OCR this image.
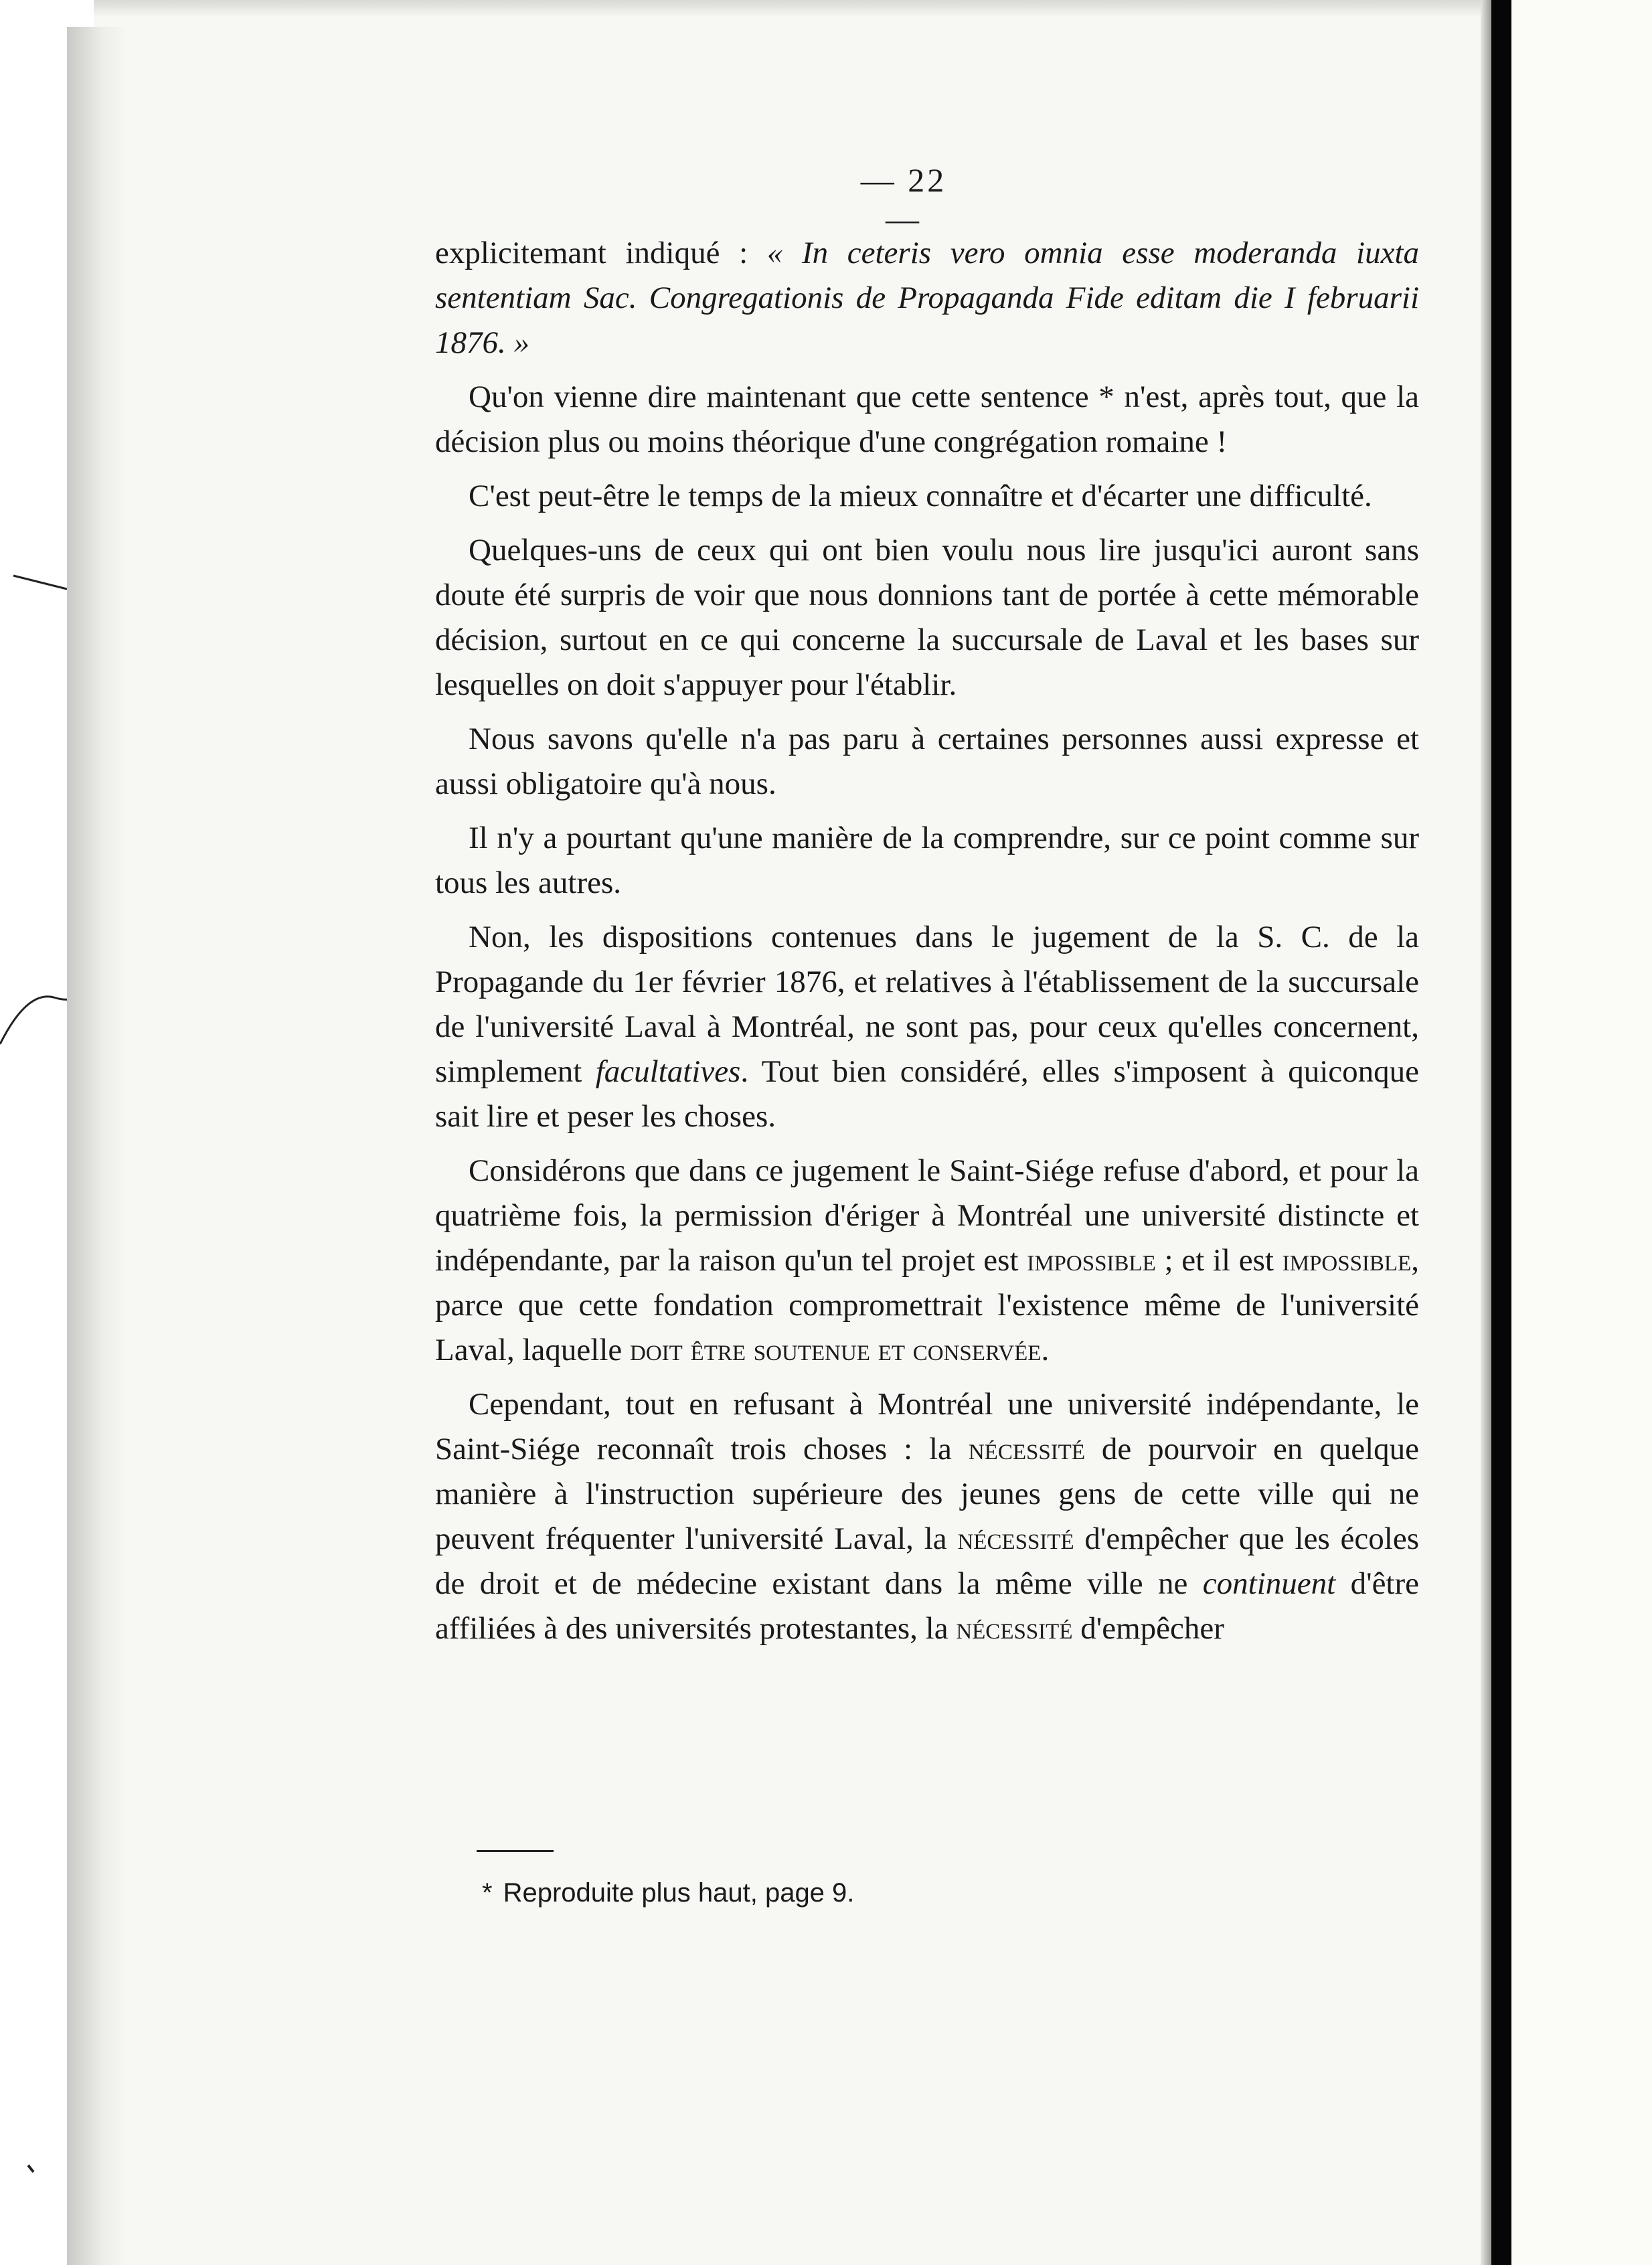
— 22 —

explicitemant indiqué : « In ceteris vero omnia esse moderanda iuxta sententiam Sac. Congregationis de Propaganda Fide editam die I februarii 1876. »

Qu'on vienne dire maintenant que cette sentence * n'est, après tout, que la décision plus ou moins théorique d'une congrégation romaine !

C'est peut-être le temps de la mieux connaître et d'écarter une difficulté.

Quelques-uns de ceux qui ont bien voulu nous lire jusqu'ici auront sans doute été surpris de voir que nous donnions tant de portée à cette mémorable décision, surtout en ce qui concerne la succursale de Laval et les bases sur lesquelles on doit s'appuyer pour l'établir.

Nous savons qu'elle n'a pas paru à certaines personnes aussi expresse et aussi obligatoire qu'à nous.

Il n'y a pourtant qu'une manière de la comprendre, sur ce point comme sur tous les autres.

Non, les dispositions contenues dans le jugement de la S. C. de la Propagande du 1er février 1876, et relatives à l'établissement de la succursale de l'université Laval à Montréal, ne sont pas, pour ceux qu'elles concernent, simplement facultatives. Tout bien considéré, elles s'imposent à quiconque sait lire et peser les choses.

Considérons que dans ce jugement le Saint-Siége refuse d'abord, et pour la quatrième fois, la permission d'ériger à Montréal une université distincte et indépendante, par la raison qu'un tel projet est impossible ; et il est impossible, parce que cette fondation compromettrait l'existence même de l'université Laval, laquelle doit être soutenue et conservée.

Cependant, tout en refusant à Montréal une université indépendante, le Saint-Siége reconnaît trois choses : la nécessité de pourvoir en quelque manière à l'instruction supérieure des jeunes gens de cette ville qui ne peuvent fréquenter l'université Laval, la nécessité d'empêcher que les écoles de droit et de médecine existant dans la même ville ne continuent d'être affiliées à des universités protestantes, la nécessité d'empêcher

* Reproduite plus haut, page 9.
